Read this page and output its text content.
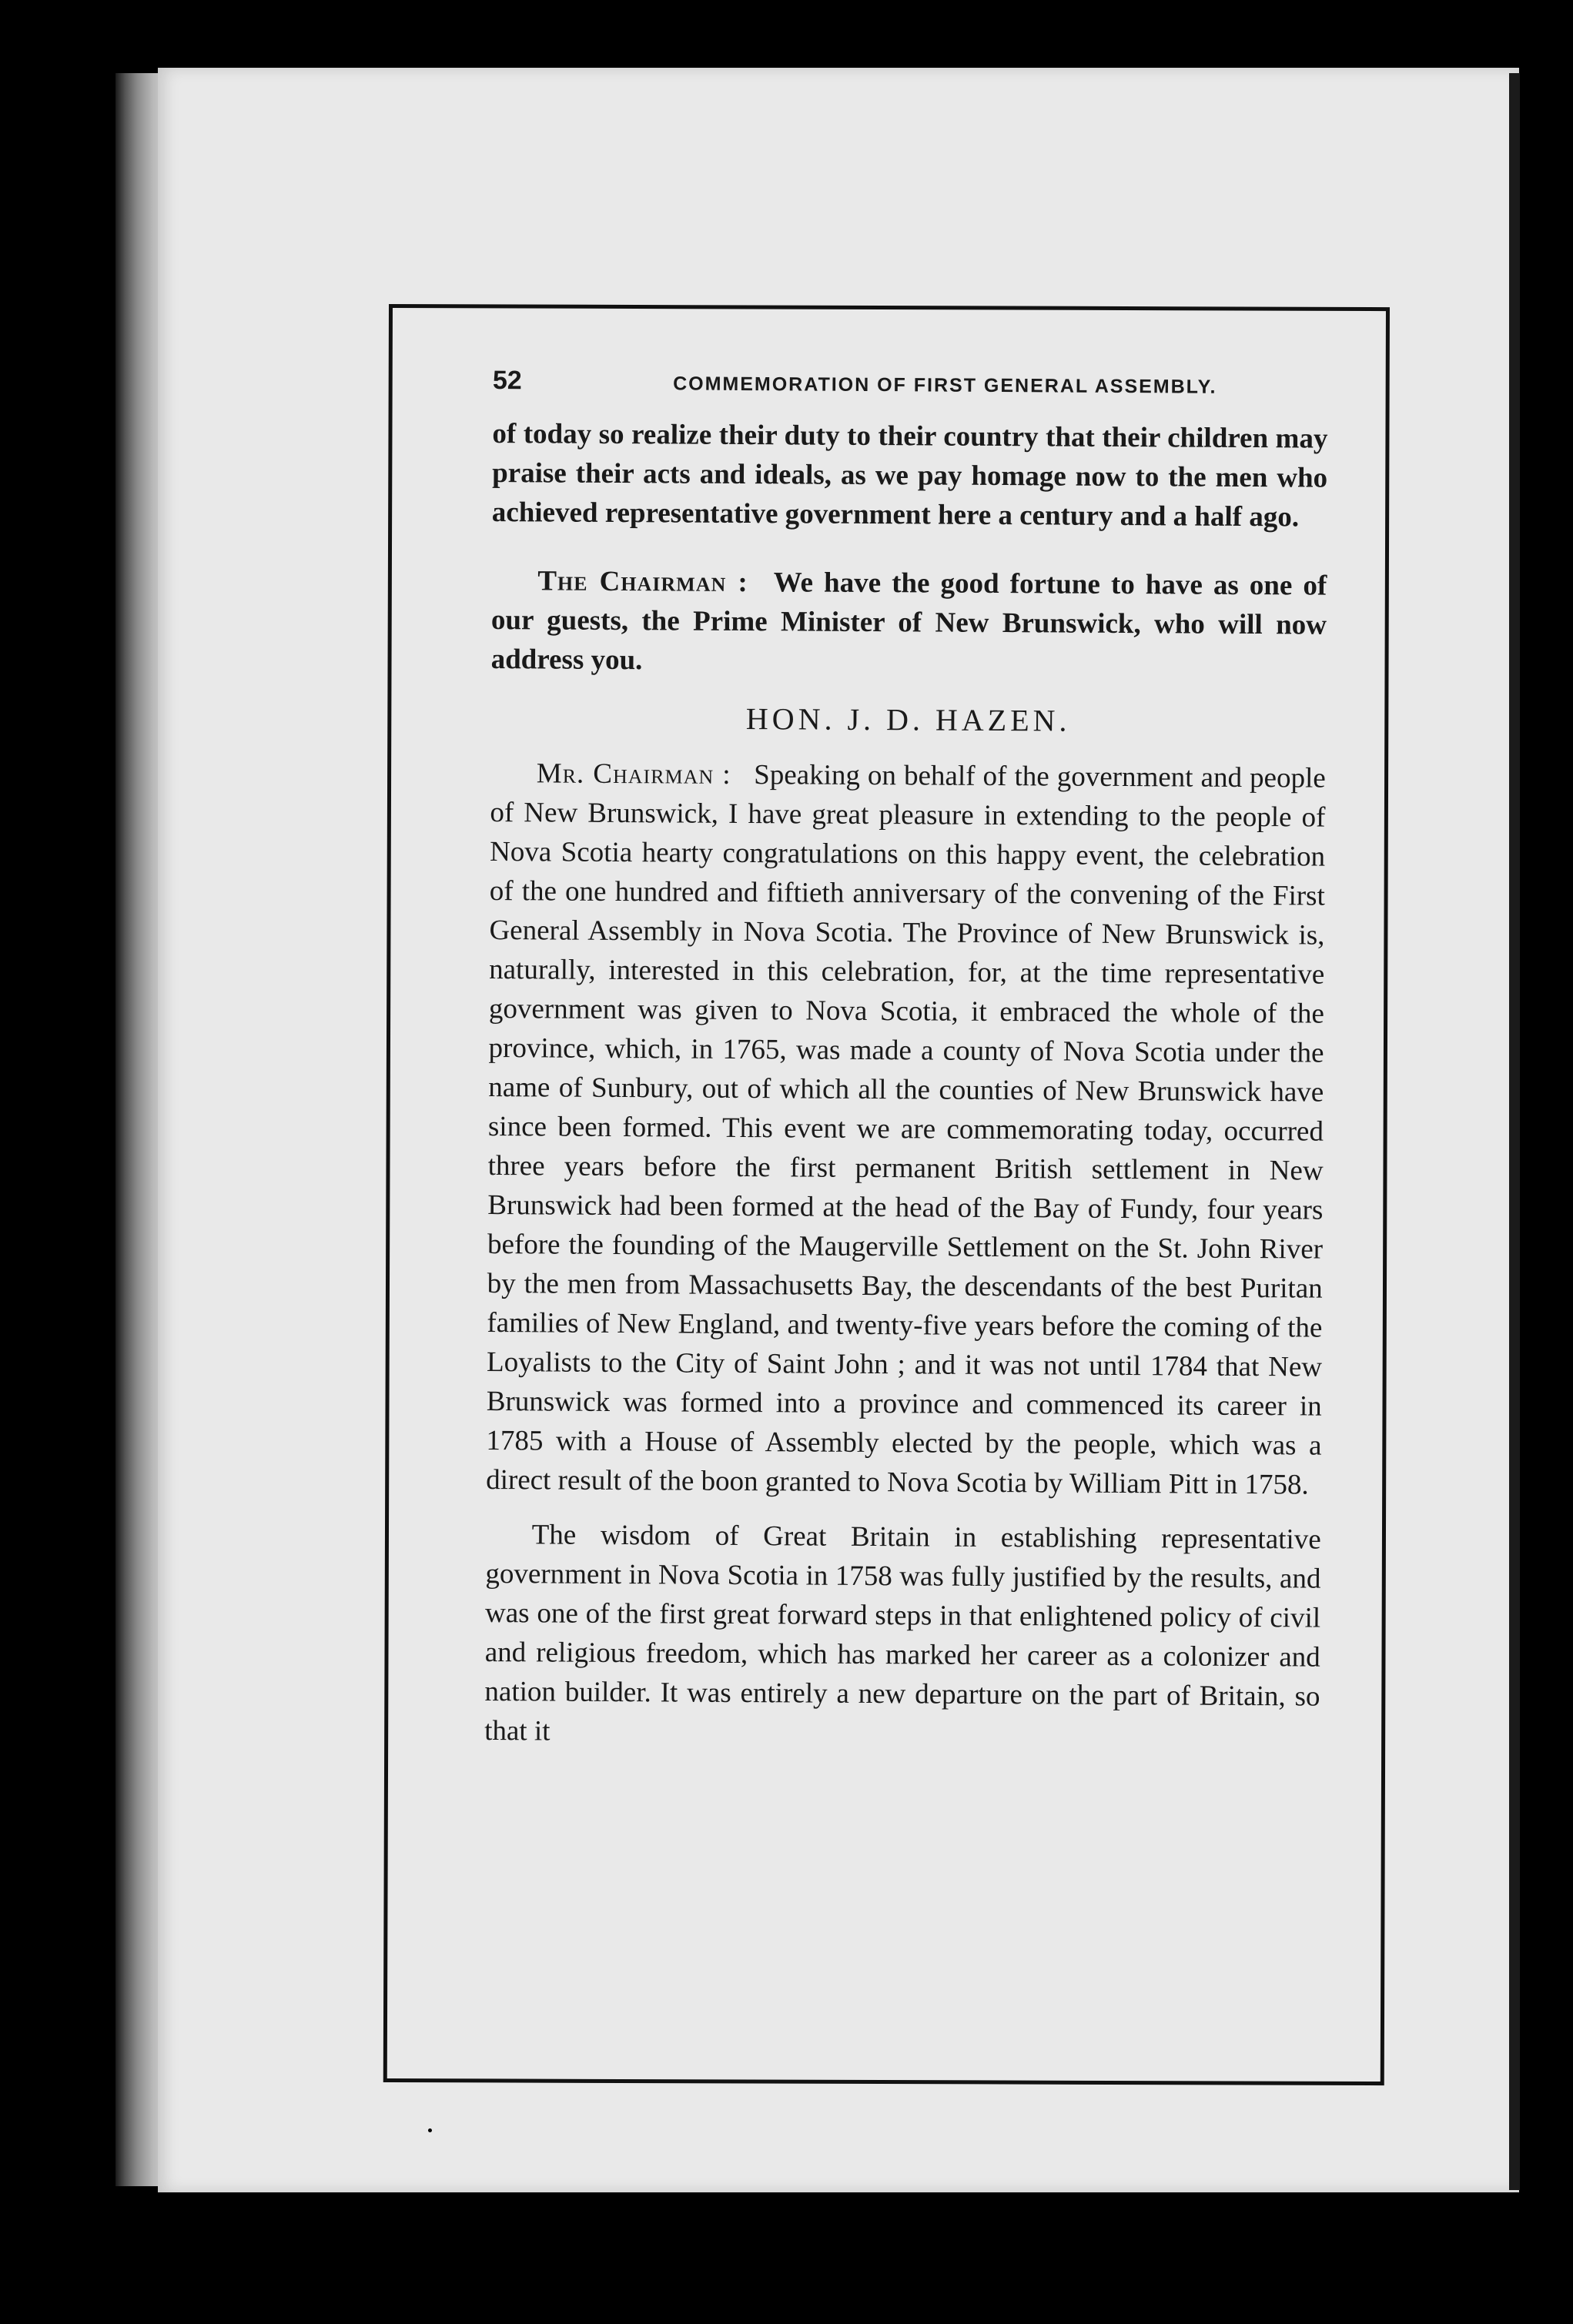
52	COMMEMORATION OF FIRST GENERAL ASSEMBLY.

of today so realize their duty to their country that their children may praise their acts and ideals, as we pay homage now to the men who achieved representative government here a century and a half ago.

The Chairman :  We have the good fortune to have as one of our guests, the Prime Minister of New Brunswick, who will now address you.

HON. J. D. HAZEN.

Mr. Chairman :  Speaking on behalf of the government and people of New Brunswick, I have great pleasure in extending to the people of Nova Scotia hearty congratulations on this happy event, the celebration of the one hundred and fiftieth anniversary of the convening of the First General Assembly in Nova Scotia. The Province of New Brunswick is, naturally, interested in this celebration, for, at the time representative government was given to Nova Scotia, it embraced the whole of the province, which, in 1765, was made a county of Nova Scotia under the name of Sunbury, out of which all the counties of New Brunswick have since been formed. This event we are commemorating today, occurred three years before the first permanent British settlement in New Brunswick had been formed at the head of the Bay of Fundy, four years before the founding of the Maugerville Settlement on the St. John River by the men from Massachusetts Bay, the descendants of the best Puritan families of New England, and twenty-five years before the coming of the Loyalists to the City of Saint John ; and it was not until 1784 that New Brunswick was formed into a province and commenced its career in 1785 with a House of Assembly elected by the people, which was a direct result of the boon granted to Nova Scotia by William Pitt in 1758.

The wisdom of Great Britain in establishing representative government in Nova Scotia in 1758 was fully justified by the results, and was one of the first great forward steps in that enlightened policy of civil and religious freedom, which has marked her career as a colonizer and nation builder. It was entirely a new departure on the part of Britain, so that it
